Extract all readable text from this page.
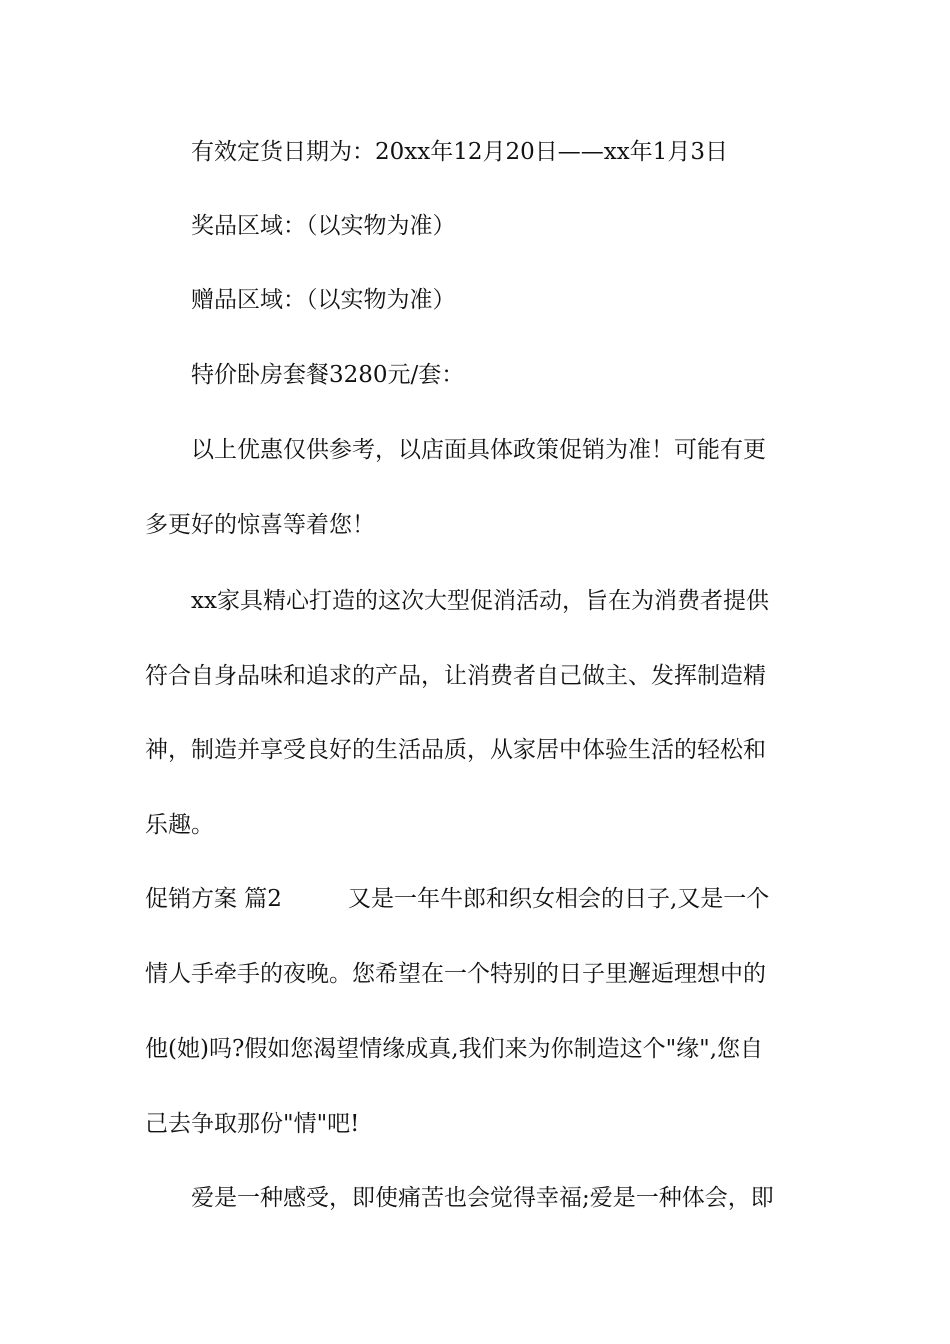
有效定货日期为：20xx年12月20日——xx年1月3日
奖品区域：（以实物为准）
赠品区域：（以实物为准）
特价卧房套餐3280元/套：
以上优惠仅供参考，以店面具体政策促销为准！可能有更
多更好的惊喜等着您！
xx家具精心打造的这次大型促消活动，旨在为消费者提供
符合自身品味和追求的产品，让消费者自己做主、发挥制造精
神，制造并享受良好的生活品质，从家居中体验生活的轻松和
乐趣。
促销方案 篇2	又是一年牛郎和织女相会的日子,又是一个
情人手牵手的夜晚。您希望在一个特别的日子里邂逅理想中的
他(她)吗?假如您渴望情缘成真,我们来为你制造这个"缘",您自
己去争取那份"情"吧!
爱是一种感受，即使痛苦也会觉得幸福;爱是一种体会，即
